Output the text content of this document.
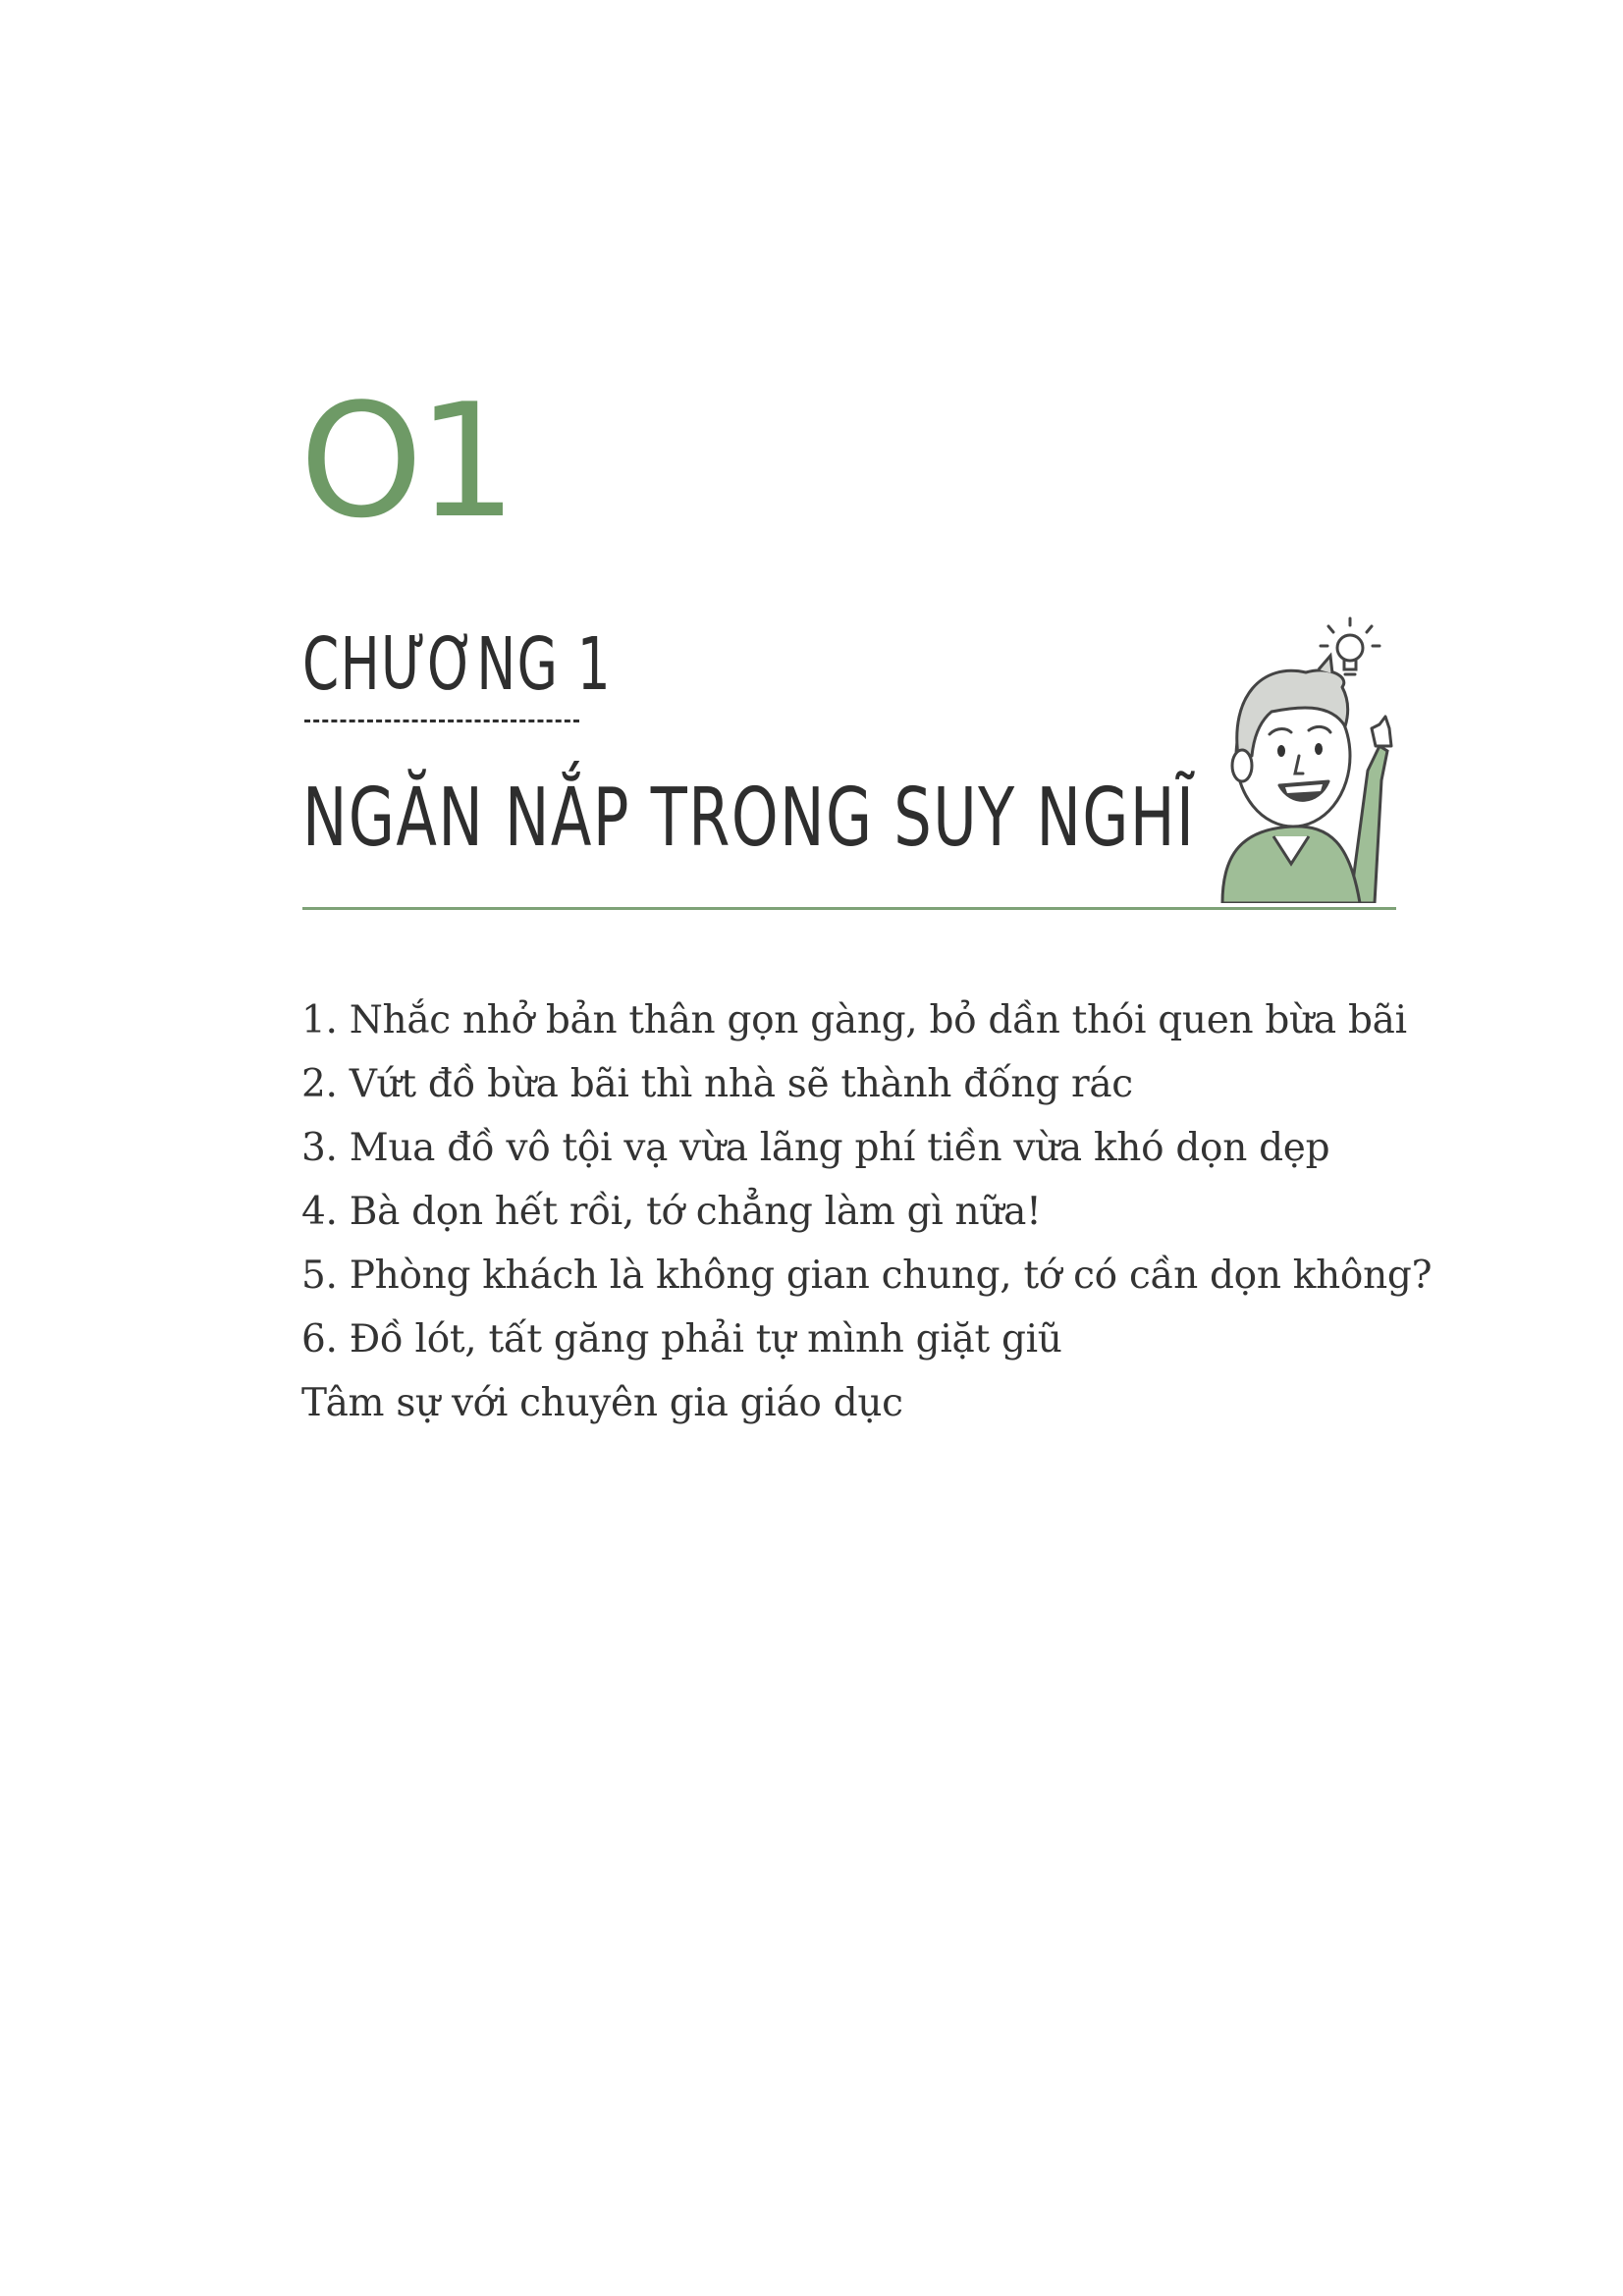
O1
CHƯƠNG 1
NGĂN NẮP TRONG SUY NGHĨ
1. Nhắc nhở bản thân gọn gàng, bỏ dần thói quen bừa bãi
2. Vứt đồ bừa bãi thì nhà sẽ thành đống rác
3. Mua đồ vô tội vạ vừa lãng phí tiền vừa khó dọn dẹp
4. Bà dọn hết rồi, tớ chẳng làm gì nữa!
5. Phòng khách là không gian chung, tớ có cần dọn không?
6. Đồ lót, tất găng phải tự mình giặt giũ
Tâm sự với chuyên gia giáo dục
